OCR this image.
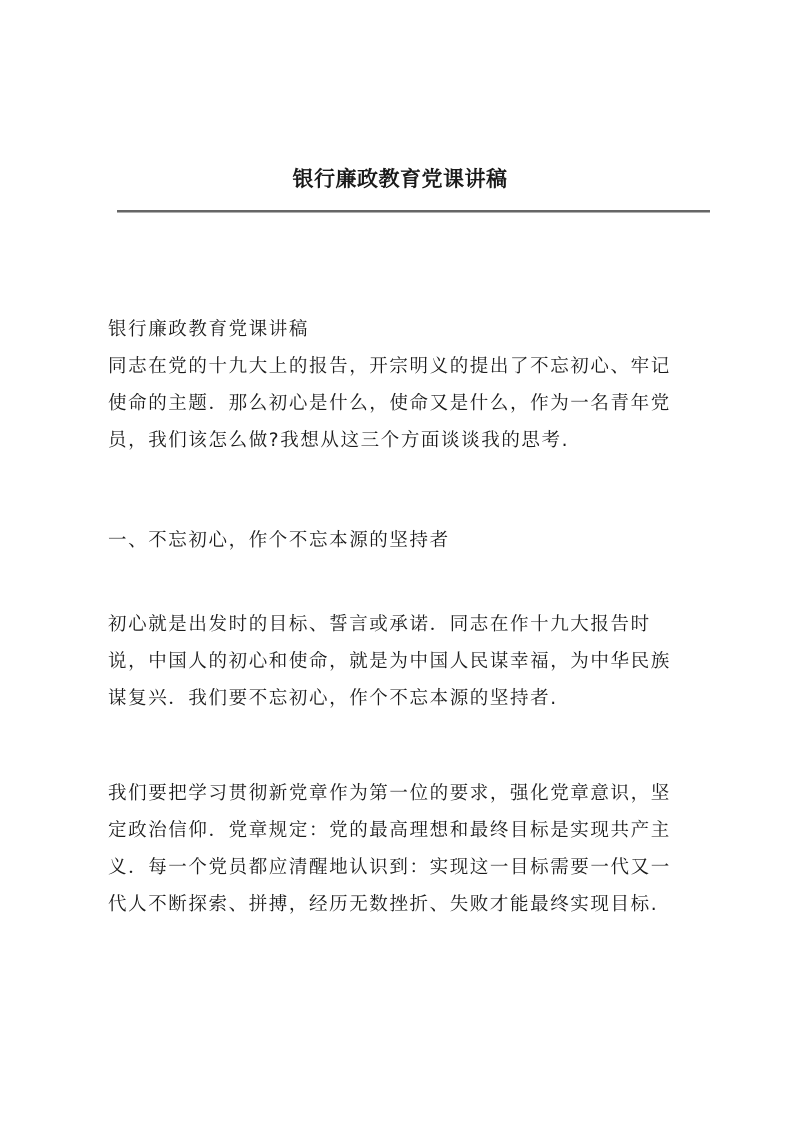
银行廉政教育党课讲稿
银行廉政教育党课讲稿
同志在党的十九大上的报告，开宗明义的提出了不忘初心、牢记
使命的主题．那么初心是什么，使命又是什么，作为一名青年党
员，我们该怎么做?我想从这三个方面谈谈我的思考.
一、不忘初心，作个不忘本源的坚持者
初心就是出发时的目标、誓言或承诺．同志在作十九大报告时
说，中国人的初心和使命，就是为中国人民谋幸福，为中华民族
谋复兴．我们要不忘初心，作个不忘本源的坚持者.
我们要把学习贯彻新党章作为第一位的要求，强化党章意识，坚
定政治信仰．党章规定：党的最高理想和最终目标是实现共产主
义．每一个党员都应清醒地认识到：实现这一目标需要一代又一
代人不断探索、拼搏，经历无数挫折、失败才能最终实现目标.
